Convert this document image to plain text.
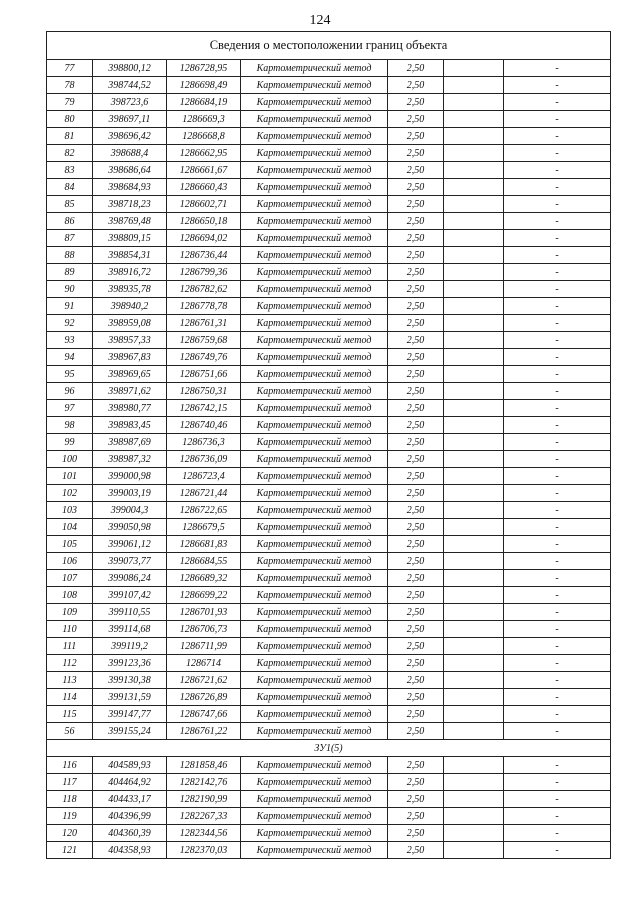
124
Сведения о местоположении границ объекта						
77	398800,12	1286728,95	Картометрический метод	2,50		-
78	398744,52	1286698,49	Картометрический метод	2,50		-
79	398723,6	1286684,19	Картометрический метод	2,50		-
80	398697,11	1286669,3	Картометрический метод	2,50		-
81	398696,42	1286668,8	Картометрический метод	2,50		-
82	398688,4	1286662,95	Картометрический метод	2,50		-
83	398686,64	1286661,67	Картометрический метод	2,50		-
84	398684,93	1286660,43	Картометрический метод	2,50		-
85	398718,23	1286602,71	Картометрический метод	2,50		-
86	398769,48	1286650,18	Картометрический метод	2,50		-
87	398809,15	1286694,02	Картометрический метод	2,50		-
88	398854,31	1286736,44	Картометрический метод	2,50		-
89	398916,72	1286799,36	Картометрический метод	2,50		-
90	398935,78	1286782,62	Картометрический метод	2,50		-
91	398940,2	1286778,78	Картометрический метод	2,50		-
92	398959,08	1286761,31	Картометрический метод	2,50		-
93	398957,33	1286759,68	Картометрический метод	2,50		-
94	398967,83	1286749,76	Картометрический метод	2,50		-
95	398969,65	1286751,66	Картометрический метод	2,50		-
96	398971,62	1286750,31	Картометрический метод	2,50		-
97	398980,77	1286742,15	Картометрический метод	2,50		-
98	398983,45	1286740,46	Картометрический метод	2,50		-
99	398987,69	1286736,3	Картометрический метод	2,50		-
100	398987,32	1286736,09	Картометрический метод	2,50		-
101	399000,98	1286723,4	Картометрический метод	2,50		-
102	399003,19	1286721,44	Картометрический метод	2,50		-
103	399004,3	1286722,65	Картометрический метод	2,50		-
104	399050,98	1286679,5	Картометрический метод	2,50		-
105	399061,12	1286681,83	Картометрический метод	2,50		-
106	399073,77	1286684,55	Картометрический метод	2,50		-
107	399086,24	1286689,32	Картометрический метод	2,50		-
108	399107,42	1286699,22	Картометрический метод	2,50		-
109	399110,55	1286701,93	Картометрический метод	2,50		-
110	399114,68	1286706,73	Картометрический метод	2,50		-
111	399119,2	1286711,99	Картометрический метод	2,50		-
112	399123,36	1286714	Картометрический метод	2,50		-
113	399130,38	1286721,62	Картометрический метод	2,50		-
114	399131,59	1286726,89	Картометрический метод	2,50		-
115	399147,77	1286747,66	Картометрический метод	2,50		-
56	399155,24	1286761,22	Картометрический метод	2,50		-
ЗУ1(5)						
116	404589,93	1281858,46	Картометрический метод	2,50		-
117	404464,92	1282142,76	Картометрический метод	2,50		-
118	404433,17	1282190,99	Картометрический метод	2,50		-
119	404396,99	1282267,33	Картометрический метод	2,50		-
120	404360,39	1282344,56	Картометрический метод	2,50		-
121	404358,93	1282370,03	Картометрический метод	2,50		-
